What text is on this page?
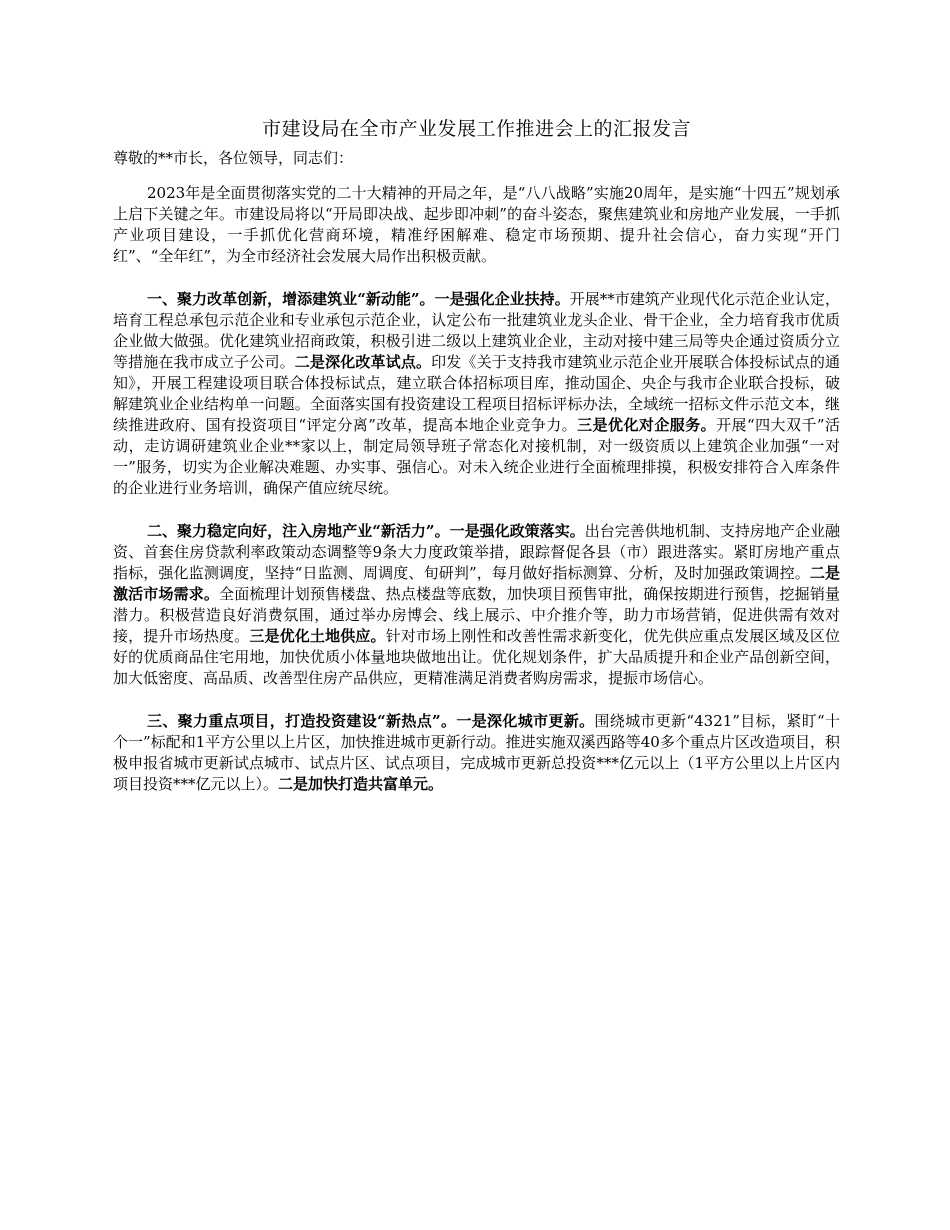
市建设局在全市产业发展工作推进会上的汇报发言
尊敬的**市长，各位领导，同志们：

2023年是全面贯彻落实党的二十大精神的开局之年，是“八八战略”实施20周年，是实施“十四五”规划承上启下关键之年。市建设局将以“开局即决战、起步即冲刺”的奋斗姿态，聚焦建筑业和房地产业发展，一手抓产业项目建设，一手抓优化营商环境，精准纾困解难、稳定市场预期、提升社会信心，奋力实现“开门红”、“全年红”，为全市经济社会发展大局作出积极贡献。

一、聚力改革创新，增添建筑业“新动能”。一是强化企业扶持。开展**市建筑产业现代化示范企业认定，培育工程总承包示范企业和专业承包示范企业，认定公布一批建筑业龙头企业、骨干企业，全力培育我市优质企业做大做强。优化建筑业招商政策，积极引进二级以上建筑业企业，主动对接中建三局等央企通过资质分立等措施在我市成立子公司。二是深化改革试点。印发《关于支持我市建筑业示范企业开展联合体投标试点的通知》，开展工程建设项目联合体投标试点，建立联合体招标项目库，推动国企、央企与我市企业联合投标，破解建筑业企业结构单一问题。全面落实国有投资建设工程项目招标评标办法，全域统一招标文件示范文本，继续推进政府、国有投资项目“评定分离”改革，提高本地企业竞争力。三是优化对企服务。开展“四大双千”活动，走访调研建筑业企业**家以上，制定局领导班子常态化对接机制，对一级资质以上建筑企业加强“一对一”服务，切实为企业解决难题、办实事、强信心。对未入统企业进行全面梳理排摸，积极安排符合入库条件的企业进行业务培训，确保产值应统尽统。

二、聚力稳定向好，注入房地产业“新活力”。一是强化政策落实。出台完善供地机制、支持房地产企业融资、首套住房贷款利率政策动态调整等9条大力度政策举措，跟踪督促各县（市）跟进落实。紧盯房地产重点指标，强化监测调度，坚持“日监测、周调度、旬研判”，每月做好指标测算、分析，及时加强政策调控。二是激活市场需求。全面梳理计划预售楼盘、热点楼盘等底数，加快项目预售审批，确保按期进行预售，挖掘销量潜力。积极营造良好消费氛围，通过举办房博会、线上展示、中介推介等，助力市场营销，促进供需有效对接，提升市场热度。三是优化土地供应。针对市场上刚性和改善性需求新变化，优先供应重点发展区域及区位好的优质商品住宅用地，加快优质小体量地块做地出让。优化规划条件，扩大品质提升和企业产品创新空间，加大低密度、高品质、改善型住房产品供应，更精准满足消费者购房需求，提振市场信心。

三、聚力重点项目，打造投资建设“新热点”。一是深化城市更新。围绕城市更新“4321”目标，紧盯“十个一”标配和1平方公里以上片区，加快推进城市更新行动。推进实施双溪西路等40多个重点片区改造项目，积极申报省城市更新试点城市、试点片区、试点项目，完成城市更新总投资***亿元以上（1平方公里以上片区内项目投资***亿元以上）。二是加快打造共富单元。
